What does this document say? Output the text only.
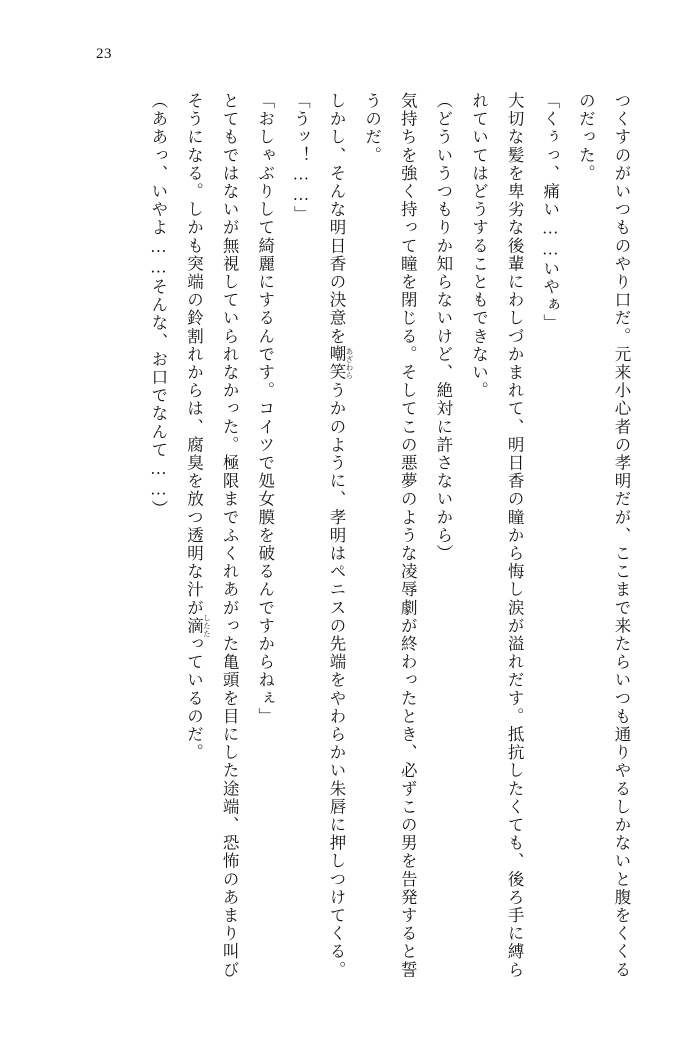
23

つくすのがいつものやり口だ。元来小心者の孝明だが、ここまで来たらいつも通りやるしかないと腹をくくるのだった。

「くぅっ、痛い……いやぁ」

大切な髪を卑劣な後輩にわしづかまれて、明日香の瞳から悔し涙が溢れだす。抵抗したくても、後ろ手に縛られていてはどうすることもできない。

（どういうつもりか知らないけど、絶対に許さないから）

気持ちを強く持って瞳を閉じる。そしてこの悪夢のような凌辱劇が終わったとき、必ずこの男を告発すると誓うのだ。

しかし、そんな明日香の決意を嘲笑 あざわらうかのように、孝明はペニスの先端をやわらかい朱唇に押しつけてくる。

「うッ！……」

「おしゃぶりして綺麗にするんです。コイツで処女膜を破るんですからねぇ」

とてもではないが無視していられなかった。極限までふくれあがった亀頭を目にした途端、恐怖のあまり叫びそうになる。しかも突端の鈴割れからは、腐臭を放つ透明な汁が滴 したたっているのだ。

（ああっ、いやよ……そんな、お口でなんて……）
